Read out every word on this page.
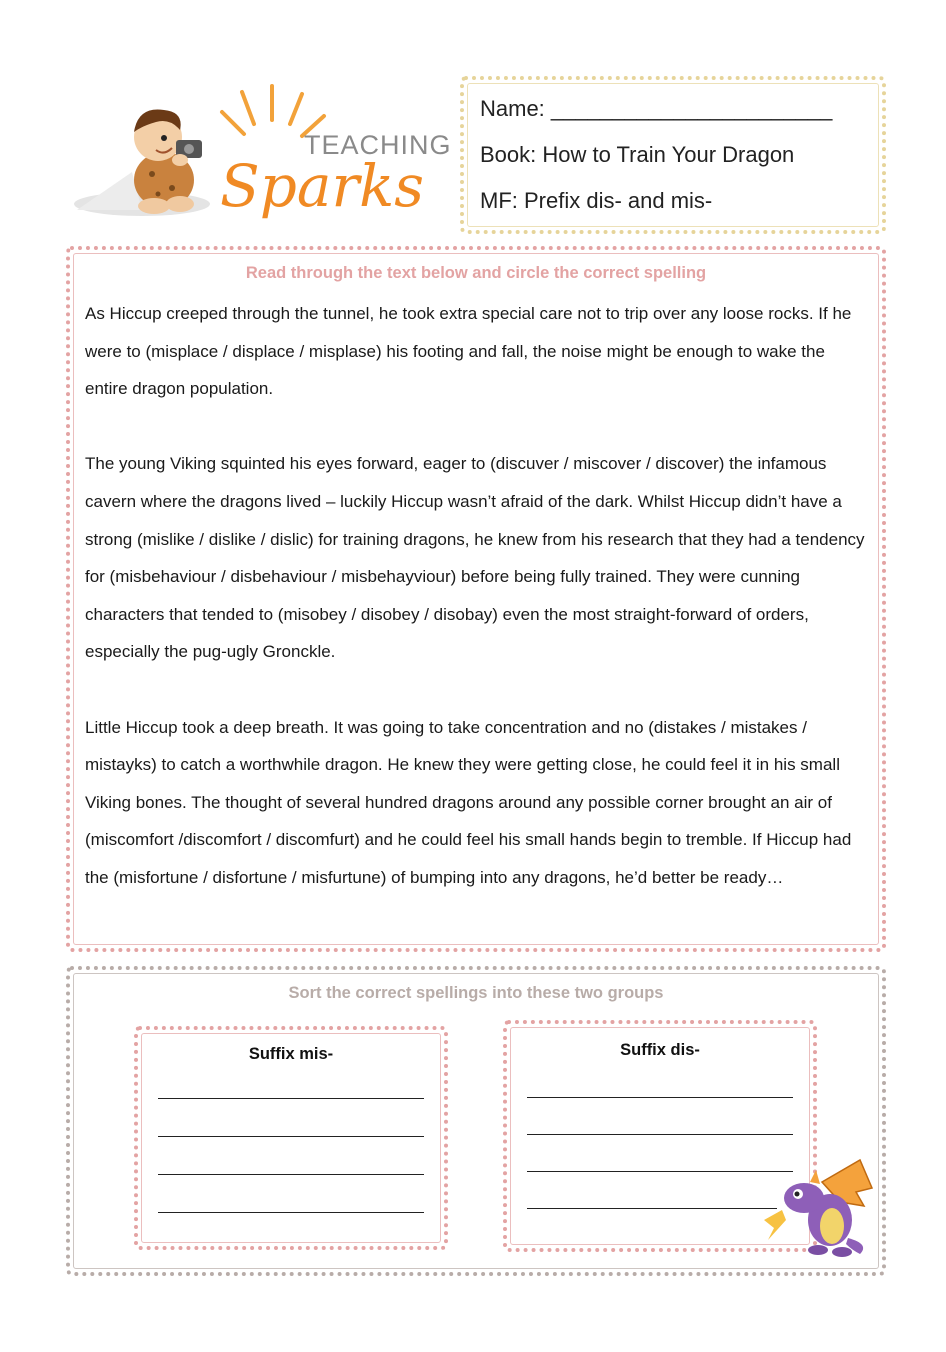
TEACHING
Sparks
Name: _______________________
Book: How to Train Your Dragon
MF: Prefix dis- and mis-
Read through the text below and circle the correct spelling

As Hiccup creeped through the tunnel, he took extra special care not to trip over any loose rocks. If he were to (misplace / displace / misplase) his footing and fall, the noise might be enough to wake the entire dragon population.

The young Viking squinted his eyes forward, eager to (discuver / miscover / discover) the infamous cavern where the dragons lived – luckily Hiccup wasn’t afraid of the dark. Whilst Hiccup didn’t have a strong (mislike / dislike / dislic) for training dragons, he knew from his research that they had a tendency for (misbehaviour / disbehaviour / misbehayviour) before being fully trained. They were cunning characters that tended to (misobey / disobey / disobay) even the most straight-forward of orders, especially the pug-ugly Gronckle.

Little Hiccup took a deep breath. It was going to take concentration and no (distakes / mistakes / mistayks) to catch a worthwhile dragon. He knew they were getting close, he could feel it in his small Viking bones. The thought of several hundred dragons around any possible corner brought an air of (miscomfort /discomfort / discomfurt) and he could feel his small hands begin to tremble. If Hiccup had the (misfortune / disfortune / misfurtune) of bumping into any dragons, he’d better be ready…

Sort the correct spellings into these two groups
Suffix mis-	Suffix dis-
